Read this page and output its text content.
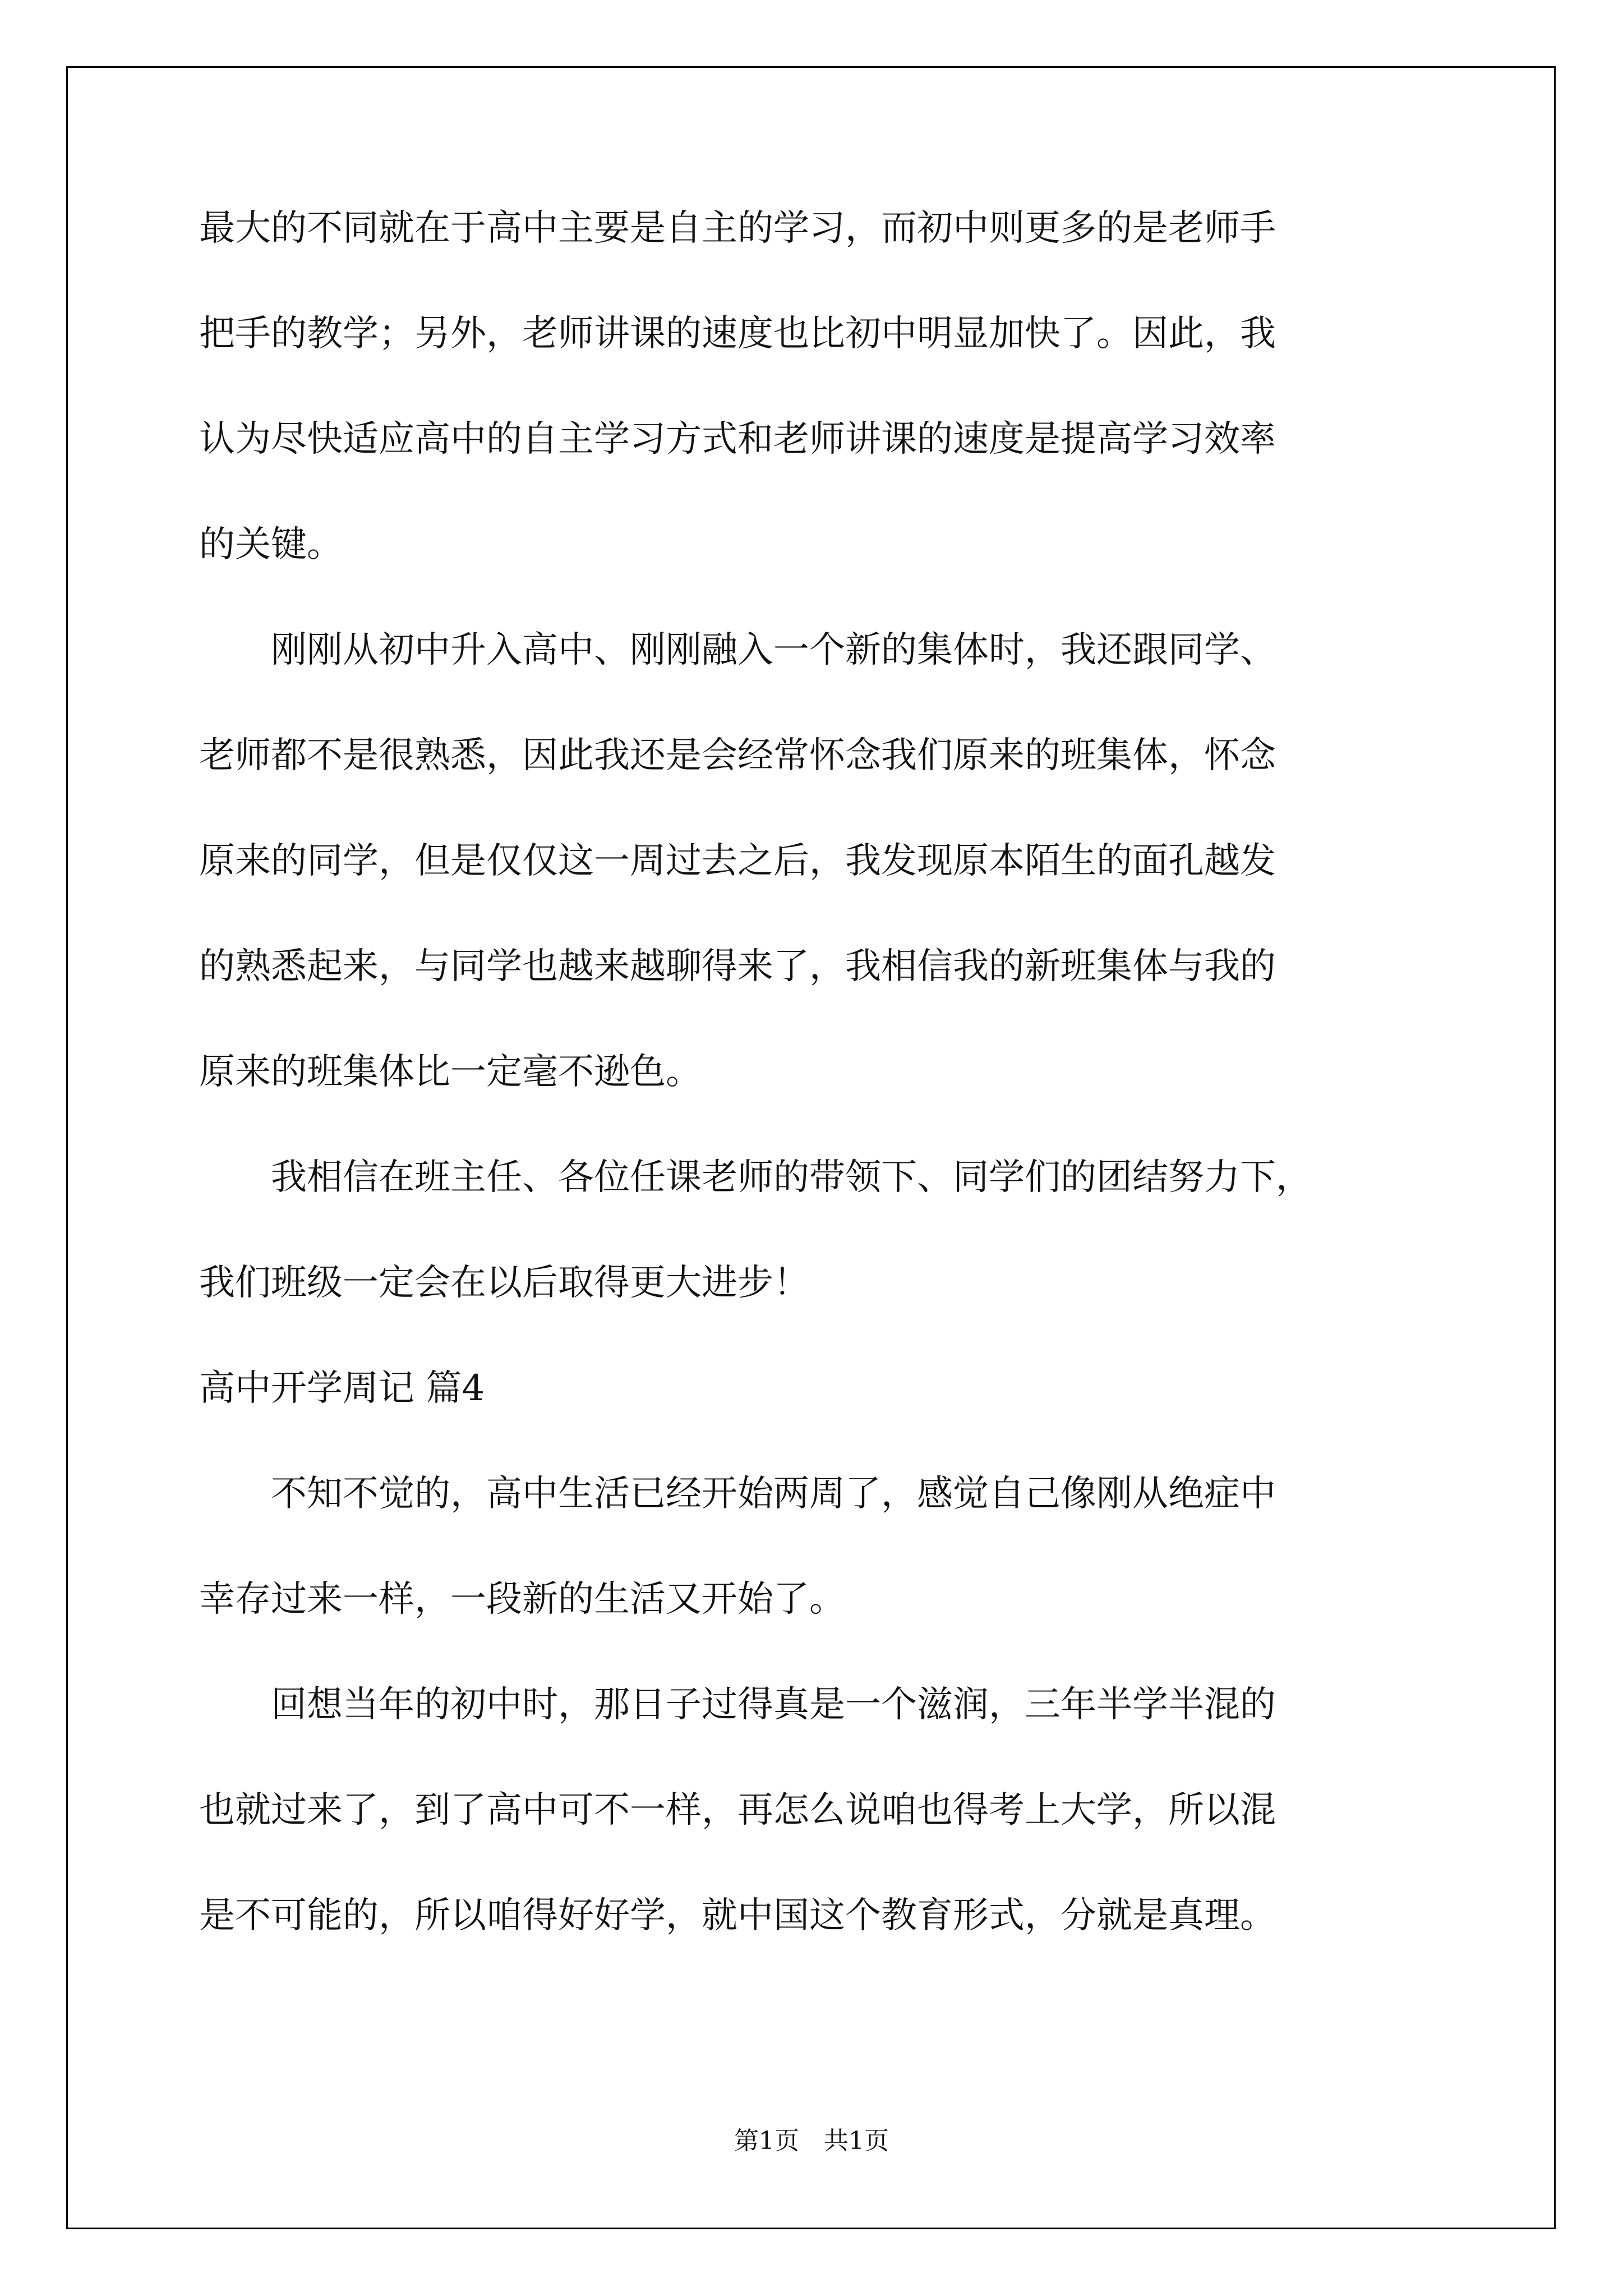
最大的不同就在于高中主要是自主的学习，而初中则更多的是老师手

把手的教学；另外，老师讲课的速度也比初中明显加快了。因此，我

认为尽快适应高中的自主学习方式和老师讲课的速度是提高学习效率

的关键。

　　刚刚从初中升入高中、刚刚融入一个新的集体时，我还跟同学、

老师都不是很熟悉，因此我还是会经常怀念我们原来的班集体，怀念

原来的同学，但是仅仅这一周过去之后，我发现原本陌生的面孔越发

的熟悉起来，与同学也越来越聊得来了，我相信我的新班集体与我的

原来的班集体比一定毫不逊色。

　　我相信在班主任、各位任课老师的带领下、同学们的团结努力下，

我们班级一定会在以后取得更大进步！

高中开学周记 篇4

　　不知不觉的，高中生活已经开始两周了，感觉自己像刚从绝症中

幸存过来一样，一段新的生活又开始了。

　　回想当年的初中时，那日子过得真是一个滋润，三年半学半混的

也就过来了，到了高中可不一样，再怎么说咱也得考上大学，所以混

是不可能的，所以咱得好好学，就中国这个教育形式，分就是真理。

第1页　共1页
